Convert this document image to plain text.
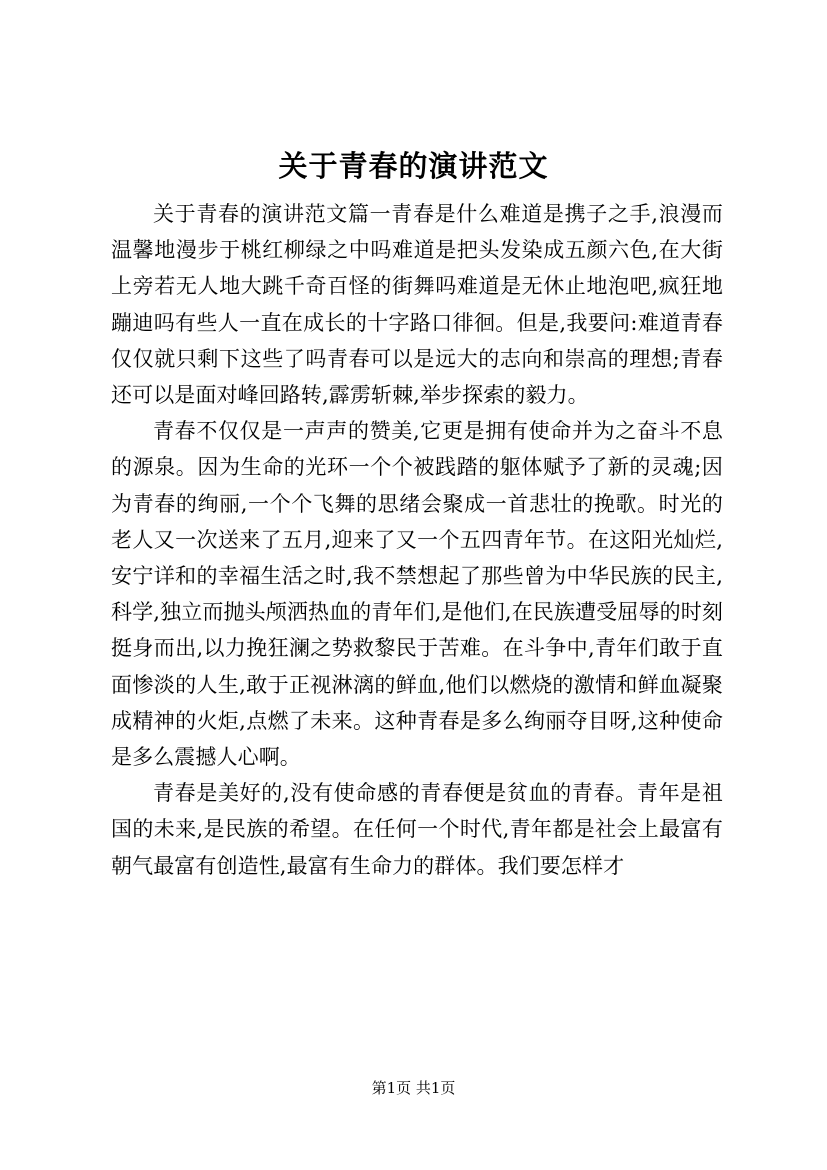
关于青春的演讲范文

关于青春的演讲范文篇一青春是什么难道是携子之手,浪漫而温馨地漫步于桃红柳绿之中吗难道是把头发染成五颜六色,在大街上旁若无人地大跳千奇百怪的街舞吗难道是无休止地泡吧,疯狂地蹦迪吗有些人一直在成长的十字路口徘徊。但是,我要问:难道青春仅仅就只剩下这些了吗青春可以是远大的志向和崇高的理想;青春还可以是面对峰回路转,霹雳斩棘,举步探索的毅力。

青春不仅仅是一声声的赞美,它更是拥有使命并为之奋斗不息的源泉。因为生命的光环一个个被践踏的躯体赋予了新的灵魂;因为青春的绚丽,一个个飞舞的思绪会聚成一首悲壮的挽歌。时光的老人又一次送来了五月,迎来了又一个五四青年节。在这阳光灿烂,安宁详和的幸福生活之时,我不禁想起了那些曾为中华民族的民主,科学,独立而抛头颅洒热血的青年们,是他们,在民族遭受屈辱的时刻挺身而出,以力挽狂澜之势救黎民于苦难。在斗争中,青年们敢于直面惨淡的人生,敢于正视淋漓的鲜血,他们以燃烧的激情和鲜血凝聚成精神的火炬,点燃了未来。这种青春是多么绚丽夺目呀,这种使命是多么震撼人心啊。

青春是美好的,没有使命感的青春便是贫血的青春。青年是祖国的未来,是民族的希望。在任何一个时代,青年都是社会上最富有朝气最富有创造性,最富有生命力的群体。我们要怎样才

第1页 共1页
